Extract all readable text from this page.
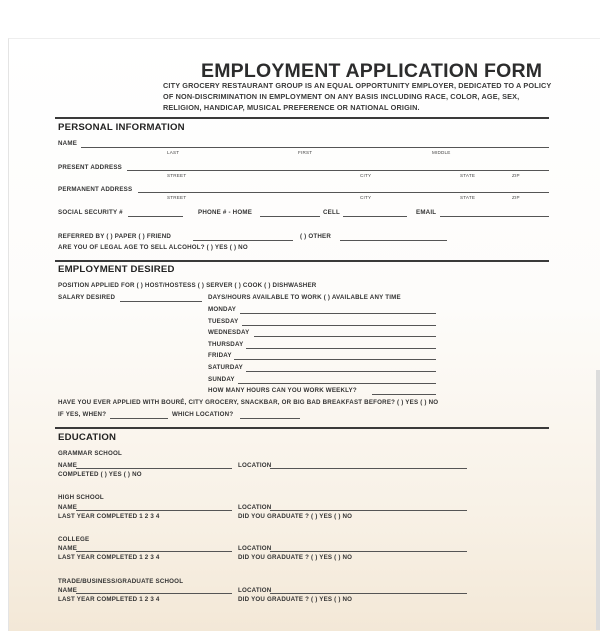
EMPLOYMENT APPLICATION FORM
CITY GROCERY RESTAURANT GROUP IS AN EQUAL OPPORTUNITY EMPLOYER, DEDICATED TO A POLICY OF NON-DISCRIMINATION IN EMPLOYMENT ON ANY BASIS INCLUDING RACE, COLOR, AGE, SEX, RELIGION, HANDICAP, MUSICAL PREFERENCE OR NATIONAL ORIGIN.
PERSONAL INFORMATION
NAME
LAST	FIRST	MIDDLE
PRESENT ADDRESS
STREET	CITY	STATE	ZIP
PERMANENT ADDRESS
STREET	CITY	STATE	ZIP
SOCIAL SECURITY #	PHONE # - HOME	CELL	EMAIL
REFERRED BY ( ) PAPER ( ) FRIEND	( ) OTHER
ARE YOU OF LEGAL AGE TO SELL ALCOHOL? ( ) YES ( ) NO
EMPLOYMENT DESIRED
POSITION APPLIED FOR ( ) HOST/HOSTESS ( ) SERVER ( ) COOK ( ) DISHWASHER
SALARY DESIRED	DAYS/HOURS AVAILABLE TO WORK ( ) AVAILABLE ANY TIME
MONDAY
TUESDAY
WEDNESDAY
THURSDAY
FRIDAY
SATURDAY
SUNDAY
HOW MANY HOURS CAN YOU WORK WEEKLY?
HAVE YOU EVER APPLIED WITH BOURÉ, CITY GROCERY, SNACKBAR, OR BIG BAD BREAKFAST BEFORE? ( ) YES ( ) NO
IF YES, WHEN?	WHICH LOCATION?
EDUCATION
GRAMMAR SCHOOL
NAME	LOCATION
COMPLETED ( ) YES ( ) NO
HIGH SCHOOL
NAME	LOCATION
LAST YEAR COMPLETED 1 2 3 4	DID YOU GRADUATE ? ( ) YES ( ) NO
COLLEGE
NAME	LOCATION
LAST YEAR COMPLETED 1 2 3 4	DID YOU GRADUATE ? ( ) YES ( ) NO
TRADE/BUSINESS/GRADUATE SCHOOL
NAME	LOCATION
LAST YEAR COMPLETED 1 2 3 4	DID YOU GRADUATE ? ( ) YES ( ) NO
